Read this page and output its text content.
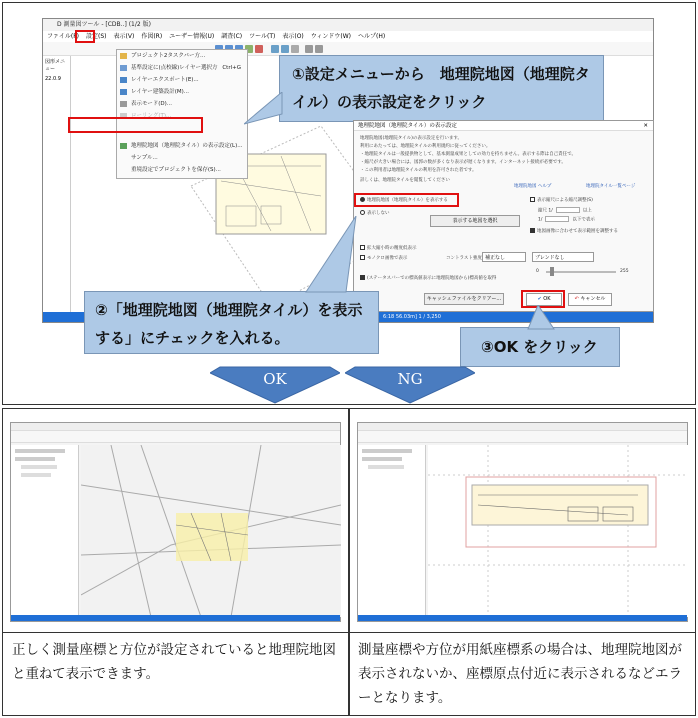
D 測量図ツール - [CDB..] (1/2 版)
ファイル(F) 設定(S) 表示(V) 作図(R) ユーザー情報(U) 調査(C) ツール(T) 表示(O) ウィンドウ(W) ヘルプ(H)
図形メニュー
22.0.9
6:18 56.03m] 1 / 3,250
プロジェクト2タスクバー方...
基準設定に(点校線)レイヤー選択方 Ctrl+G
レイヤーエクスポート(E)...
レイヤー建築設計(M)...
表示モード(D)...
ローリング(T)...
地理院地図（地理院タイル）の表示設定(L)...
サンプル...
重境設定でプロジェクトを保存(S)...
①設定メニューから　地理院地図（地理院タイル）の表示設定をクリック
地理院地図（地理院タイル）の表示設定	✕
地理院地図(地理院タイル)の表示設定を行います。
利用にあたっては、地理院タイルの利用規約に従ってください。
・地理院タイルは一般提供物として、基本測量成果としての効力を持ちません。表示する際は自己責任で。
・縮尺が大きい場合には、図郭の数が多くなり表示が遅くなります。インターネット接続が必要です。
・この利用者は地理院タイルの利用を許可された者です。
詳しくは、地理院タイルを閲覧してください
地理院地図 ヘルプ	地理院タイル一覧ページ
地理院地図（地理院タイル）を表示する
表示しない
表示する地図を選択
表示縮尺による縮尺調整(S)
縮尺 1/	以上
1/	以下で表示
地図画像に合わせて表示範囲を調整する
拡大縮小時の精度低表示
モノクロ画像で表示	コントラスト強度 補正なし	ブレンドなし
0	255
(ステータスバーでの標高値表示に地理院地図から)標高値を取得
キャッシュファイルをクリアー...	✔ OK	↶ キャンセル
②「地理院地図（地理院タイル）を表示する」にチェックを入れる。	③OK をクリック
OK	NG
正しく測量座標と方位が設定されていると地理院地図と重ねて表示できます。
測量座標や方位が用紙座標系の場合は、地理院地図が表示されないか、座標原点付近に表示されるなどエラーとなります。
